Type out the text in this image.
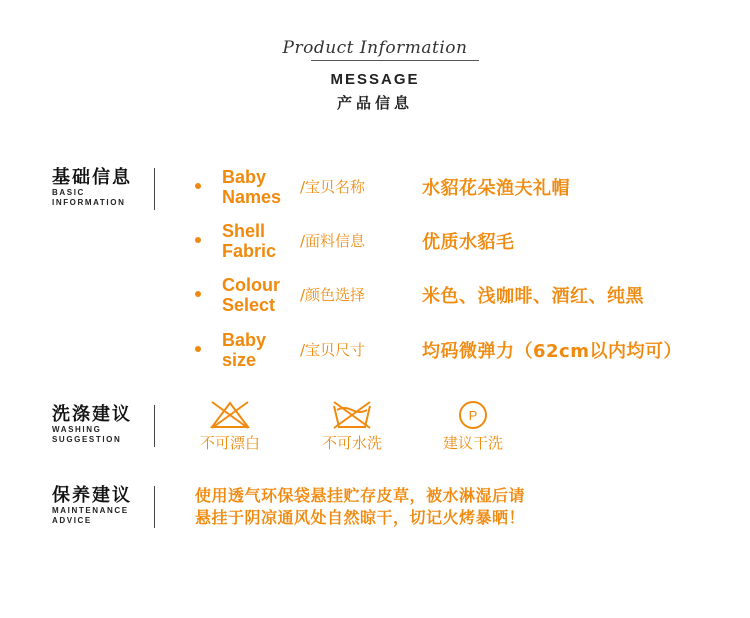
Product Information
MESSAGE
产品信息
基础信息
BASIC
INFORMATION
Baby
Names	/宝贝名称	水貂花朵渔夫礼帽
Shell
Fabric	/面料信息	优质水貂毛
Colour
Select	/颜色选择	米色、浅咖啡、酒红、纯黑
Baby
size	/宝贝尺寸	均码微弹力（62cm以内均可）
洗涤建议
WASHING
SUGGESTION	不可漂白	不可水洗
P
建议干洗
保养建议
MAINTENANCE
ADVICE
使用透气环保袋悬挂贮存皮草，被水淋湿后请
悬挂于阴凉通风处自然晾干，切记火烤暴晒！
